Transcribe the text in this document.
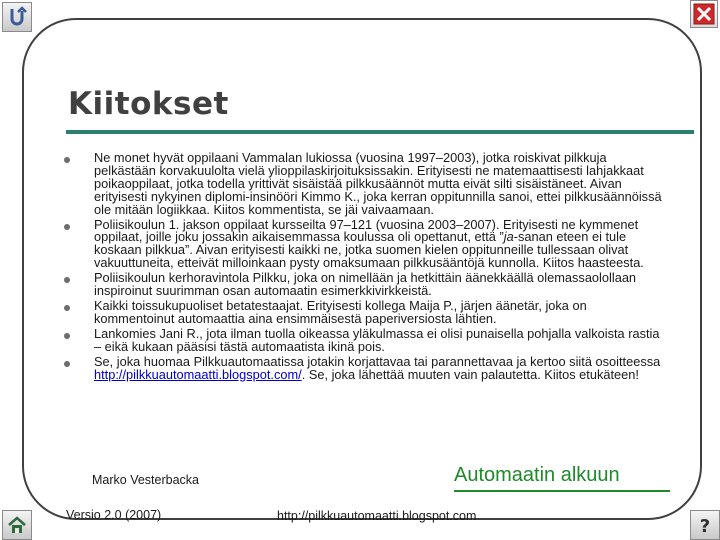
?
Kiitokset
Ne monet hyvät oppilaani Vammalan lukiossa (vuosina 1997–2003), jotka roiskivat pilkkuja pelkästään korvakuulolta vielä ylioppilaskirjoituksissakin. Erityisesti ne matemaattisesti lahjakkaat poikaoppilaat, jotka todella yrittivät sisäistää pilkkusäännöt mutta eivät silti sisäistäneet. Aivan erityisesti nykyinen diplomi-insinööri Kimmo K., joka kerran oppitunnilla sanoi, ettei pilkkusäännöissä ole mitään logiikkaa. Kiitos kommentista, se jäi vaivaamaan.
Poliisikoulun 1. jakson oppilaat kursseilta 97–121 (vuosina 2003–2007). Erityisesti ne kymmenet oppilaat, joille joku jossakin aikaisemmassa koulussa oli opettanut, että ”ja-sanan eteen ei tule koskaan pilkkua”. Aivan erityisesti kaikki ne, jotka suomen kielen oppitunneille tullessaan olivat vakuuttuneita, etteivät milloinkaan pysty omaksumaan pilkkusääntöjä kunnolla. Kiitos haasteesta.
Poliisikoulun kerhoravintola Pilkku, joka on nimellään ja hetkittäin äänekkäällä olemassaolollaan inspiroinut suurimman osan automaatin esimerkkivirkkeistä.
Kaikki toissukupuoliset betatestaajat. Erityisesti kollega Maija P., järjen äänetär, joka on kommentoinut automaattia aina ensimmäisestä paperiversiosta lähtien.
Lankomies Jani R., jota ilman tuolla oikeassa yläkulmassa ei olisi punaisella pohjalla valkoista rastia – eikä kukaan pääsisi tästä automaatista ikinä pois.
Se, joka huomaa Pilkkuautomaatissa jotakin korjattavaa tai parannettavaa ja kertoo siitä osoitteessa http://pilkkuautomaatti.blogspot.com/. Se, joka lähettää muuten vain palautetta. Kiitos etukäteen!
Marko Vesterbacka	Automaatin alkuun
Versio 2.0 (2007)	http://pilkkuautomaatti.blogspot.com
